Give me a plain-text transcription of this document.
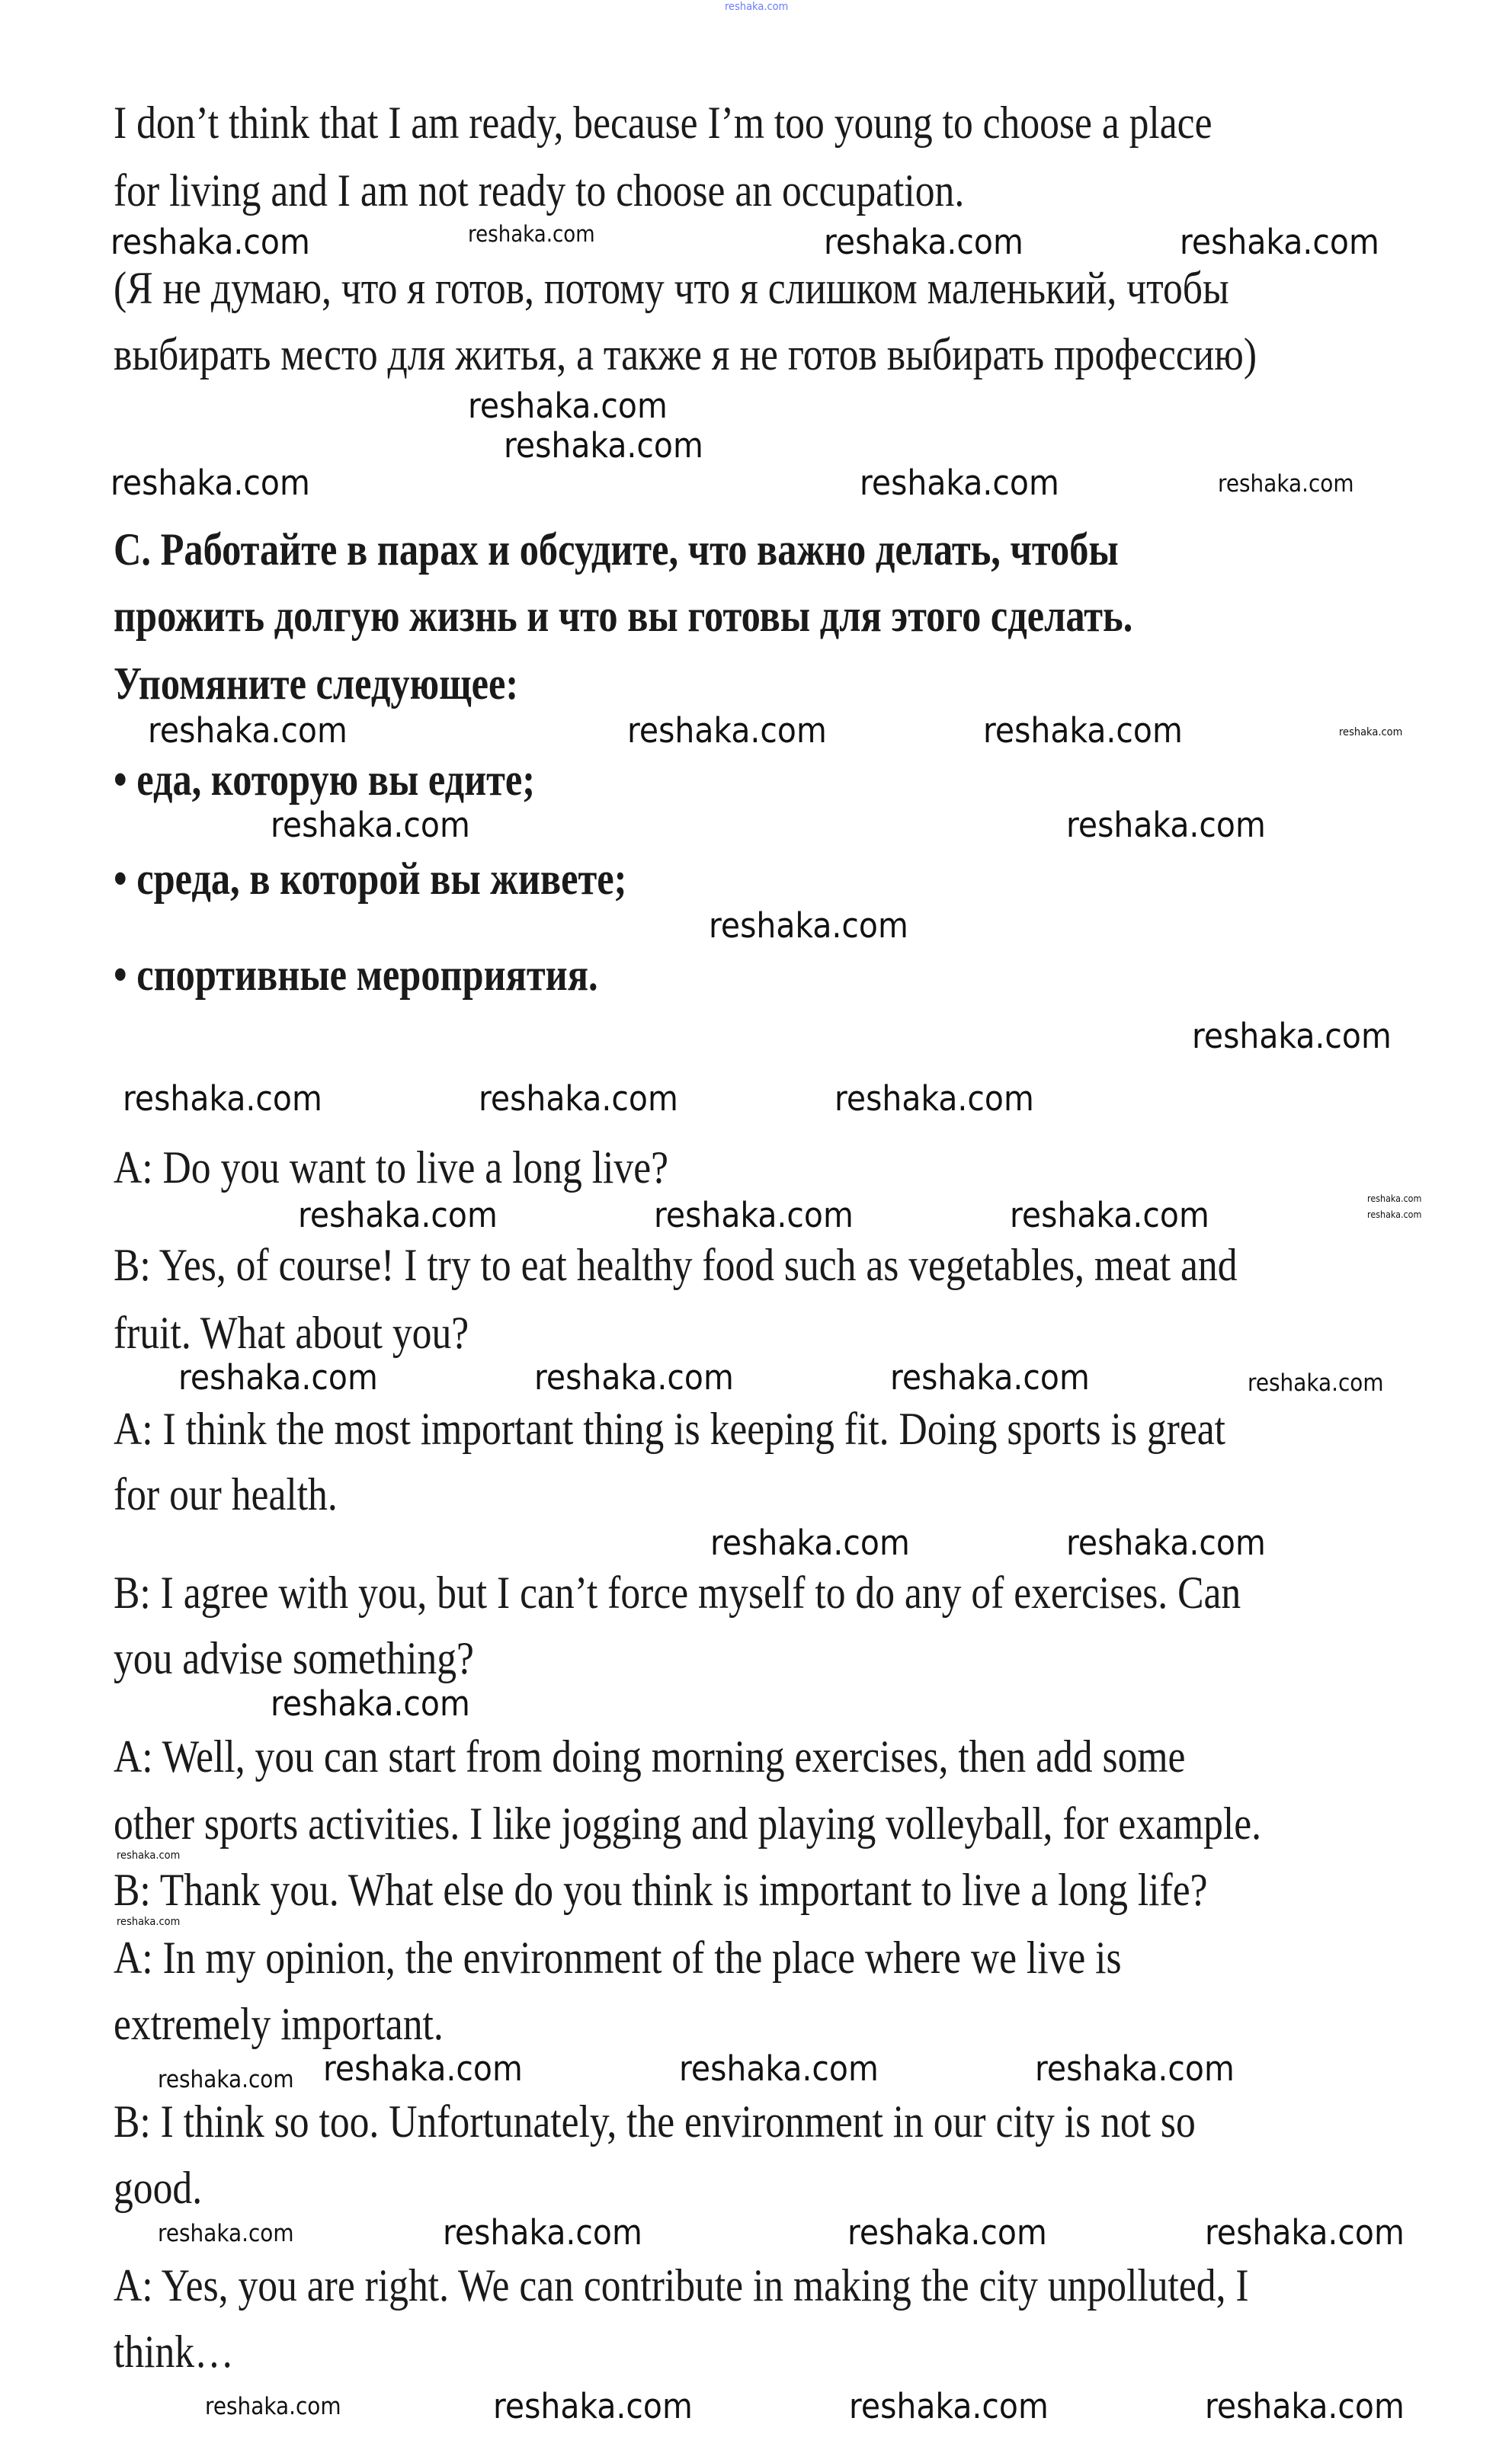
I don’t think that I am ready, because I’m too young to choose a place
for living and I am not ready to choose an occupation.
(Я не думаю, что я готов, потому что я слишком маленький, чтобы
выбирать место для житья, а также я не готов выбирать профессию)
C. Работайте в парах и обсудите, что важно делать, чтобы
прожить долгую жизнь и что вы готовы для этого сделать.
Упомяните следующее:
• еда, которую вы едите;
• среда, в которой вы живете;
• спортивные мероприятия.
A: Do you want to live a long live?
B: Yes, of course! I try to eat healthy food such as vegetables, meat and
fruit. What about you?
A: I think the most important thing is keeping fit. Doing sports is great
for our health.
B: I agree with you, but I can’t force myself to do any of exercises. Can
you advise something?
A: Well, you can start from doing morning exercises, then add some
other sports activities. I like jogging and playing volleyball, for example.
B: Thank you. What else do you think is important to live a long life?
A: In my opinion, the environment of the place where we live is
extremely important.
B: I think so too. Unfortunately, the environment in our city is not so
good.
A: Yes, you are right. We can contribute in making the city unpolluted, I
think…
reshaka.com
reshaka.com
reshaka.com	reshaka.com	reshaka.com
reshaka.com
reshaka.com	reshaka.com	reshaka.com
reshaka.com
reshaka.com
reshaka.com	reshaka.com
reshaka.com
reshaka.com
reshaka.com
reshaka.com
reshaka.com
reshaka.com	reshaka.com	reshaka.com
reshaka.com
reshaka.com
reshaka.com	reshaka.com	reshaka.com
reshaka.com
reshaka.com	reshaka.com	reshaka.com
reshaka.com	reshaka.com
reshaka.com
reshaka.com
reshaka.com
reshaka.com	reshaka.com	reshaka.com
reshaka.com
reshaka.com	reshaka.com	reshaka.com
reshaka.com
reshaka.com	reshaka.com	reshaka.com	reshaka.com
